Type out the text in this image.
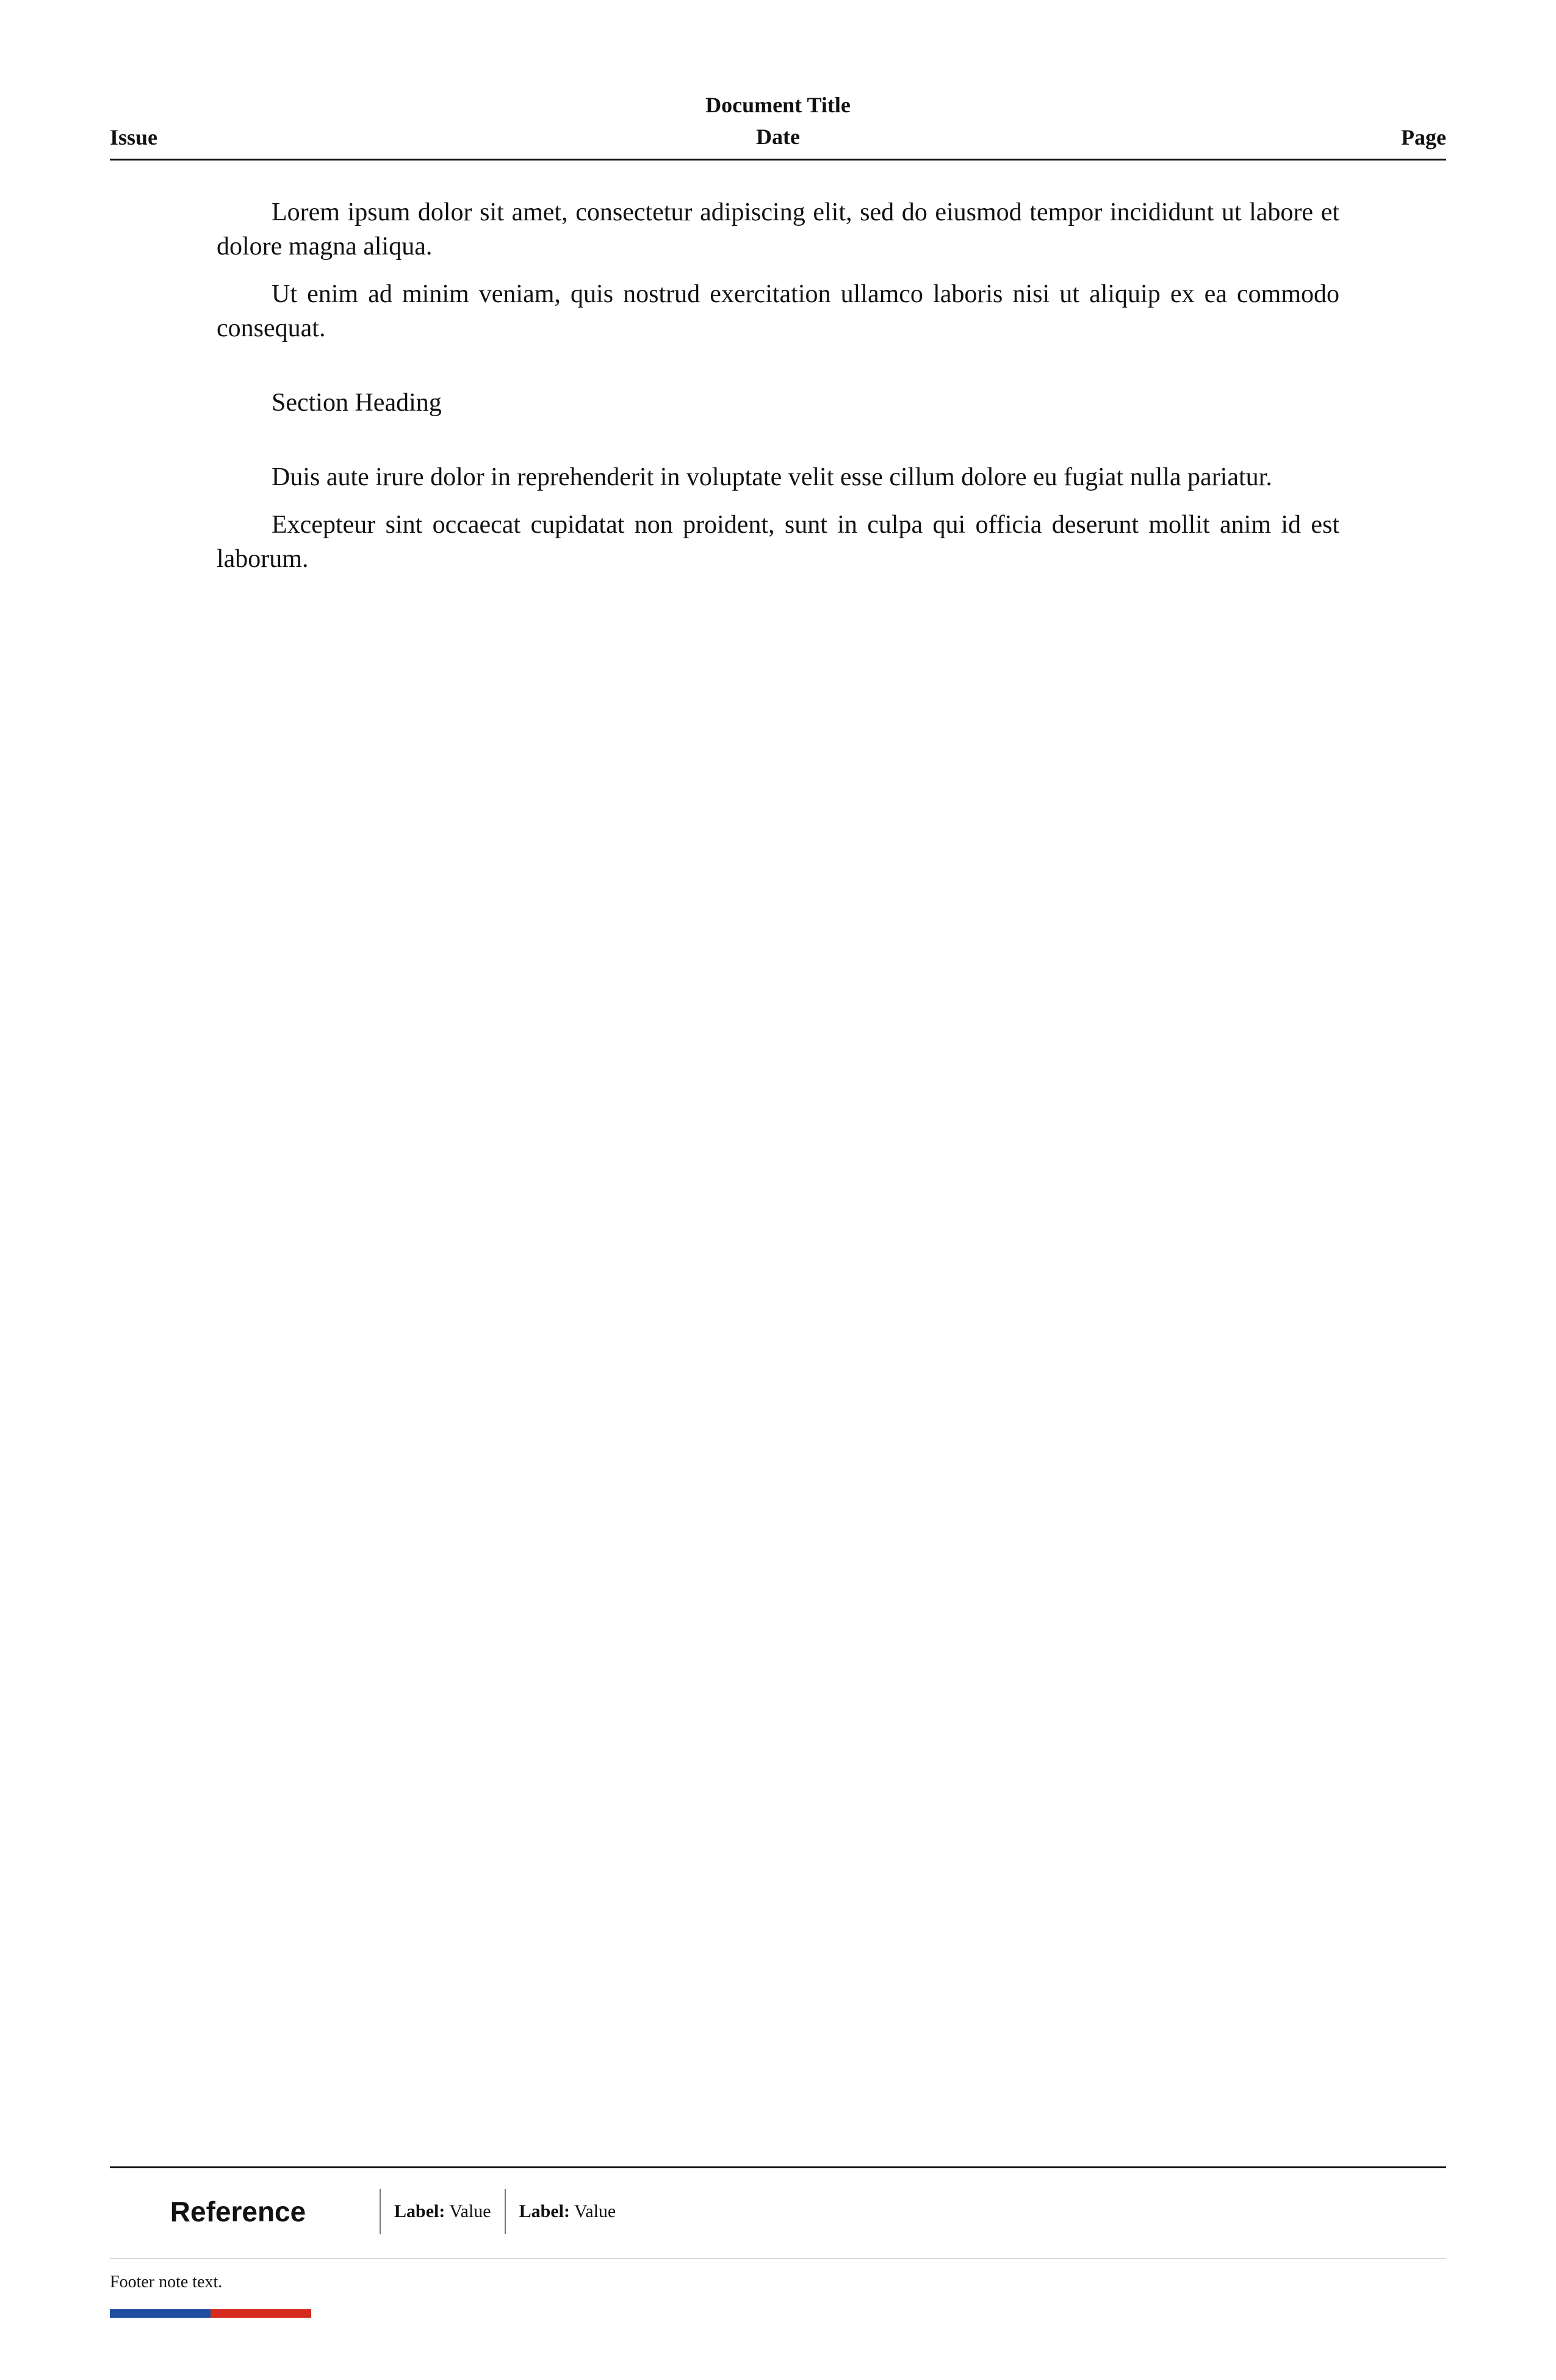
Document Title
Issue	Date	Page

Lorem ipsum dolor sit amet, consectetur adipiscing elit, sed do eiusmod tempor incididunt ut labore et dolore magna aliqua.

Ut enim ad minim veniam, quis nostrud exercitation ullamco laboris nisi ut aliquip ex ea commodo consequat.

Section Heading

Duis aute irure dolor in reprehenderit in voluptate velit esse cillum dolore eu fugiat nulla pariatur.

Excepteur sint occaecat cupidatat non proident, sunt in culpa qui officia deserunt mollit anim id est laborum.

Reference	Label: Value Label: Value
Footer note text.
